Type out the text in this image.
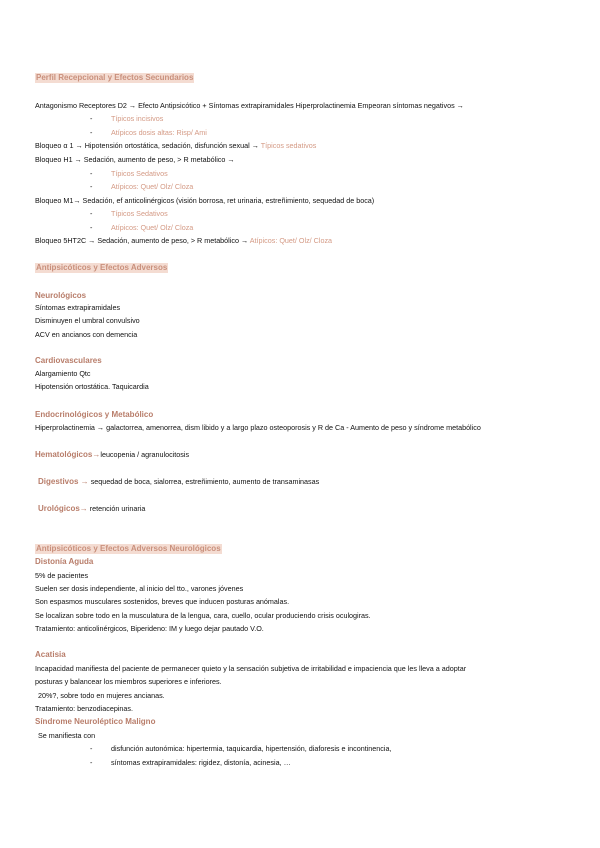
Perfil Recepcional y Efectos Secundarios
Antagonismo Receptores D2 → Efecto Antipsicótico + Síntomas extrapiramidales Hiperprolactinemia Empeoran síntomas negativos →
-	Típicos incisivos
-	Atípicos dosis altas: Risp/ Ami
Bloqueo α 1 → Hipotensión ortostática, sedación, disfunción sexual → Típicos sedativos
Bloqueo H1 → Sedación, aumento de peso, > R metabólico →
-	Típicos Sedativos
-	Atípicos: Quet/ Olz/ Cloza
Bloqueo M1→ Sedación, ef anticolinérgicos (visión borrosa, ret urinaria, estreñimiento, sequedad de boca)
-	Típicos Sedativos
-	Atípicos: Quet/ Olz/ Cloza
Bloqueo 5HT2C → Sedación, aumento de peso, > R metabólico → Atípicos: Quet/ Olz/ Cloza
Antipsicóticos y Efectos Adversos
Neurológicos
Síntomas extrapiramidales
Disminuyen el umbral convulsivo
ACV en ancianos con demencia
Cardiovasculares
Alargamiento Qtc
Hipotensión ortostática. Taquicardia
Endocrinológicos y Metabólico
Hiperprolactinemia → galactorrea, amenorrea, dism libido y a largo plazo osteoporosis y R de Ca - Aumento de peso y síndrome metabólico
Hematológicos→leucopenia / agranulocitosis
Digestivos → sequedad de boca, sialorrea, estreñimiento, aumento de transaminasas
Urológicos→ retención urinaria
Antipsicóticos y Efectos Adversos Neurológicos
Distonía Aguda
5% de pacientes
Suelen ser dosis independiente, al inicio del tto., varones jóvenes
Son espasmos musculares sostenidos, breves que inducen posturas anómalas.
Se localizan sobre todo en la musculatura de la lengua, cara, cuello, ocular produciendo crisis oculogiras.
Tratamiento: anticolinérgicos, Biperideno: IM y luego dejar pautado V.O.
Acatisia
Incapacidad manifiesta del paciente de permanecer quieto y la sensación subjetiva de irritabilidad e impaciencia que les lleva a adoptar
posturas y balancear los miembros superiores e inferiores.
20%?, sobre todo en mujeres ancianas.
Tratamiento: benzodiacepinas.
Síndrome Neuroléptico Maligno
Se manifiesta con
-	disfunción autonómica: hipertermia, taquicardia, hipertensión, diaforesis e incontinencia,
-	síntomas extrapiramidales: rigidez, distonía, acinesia, …
